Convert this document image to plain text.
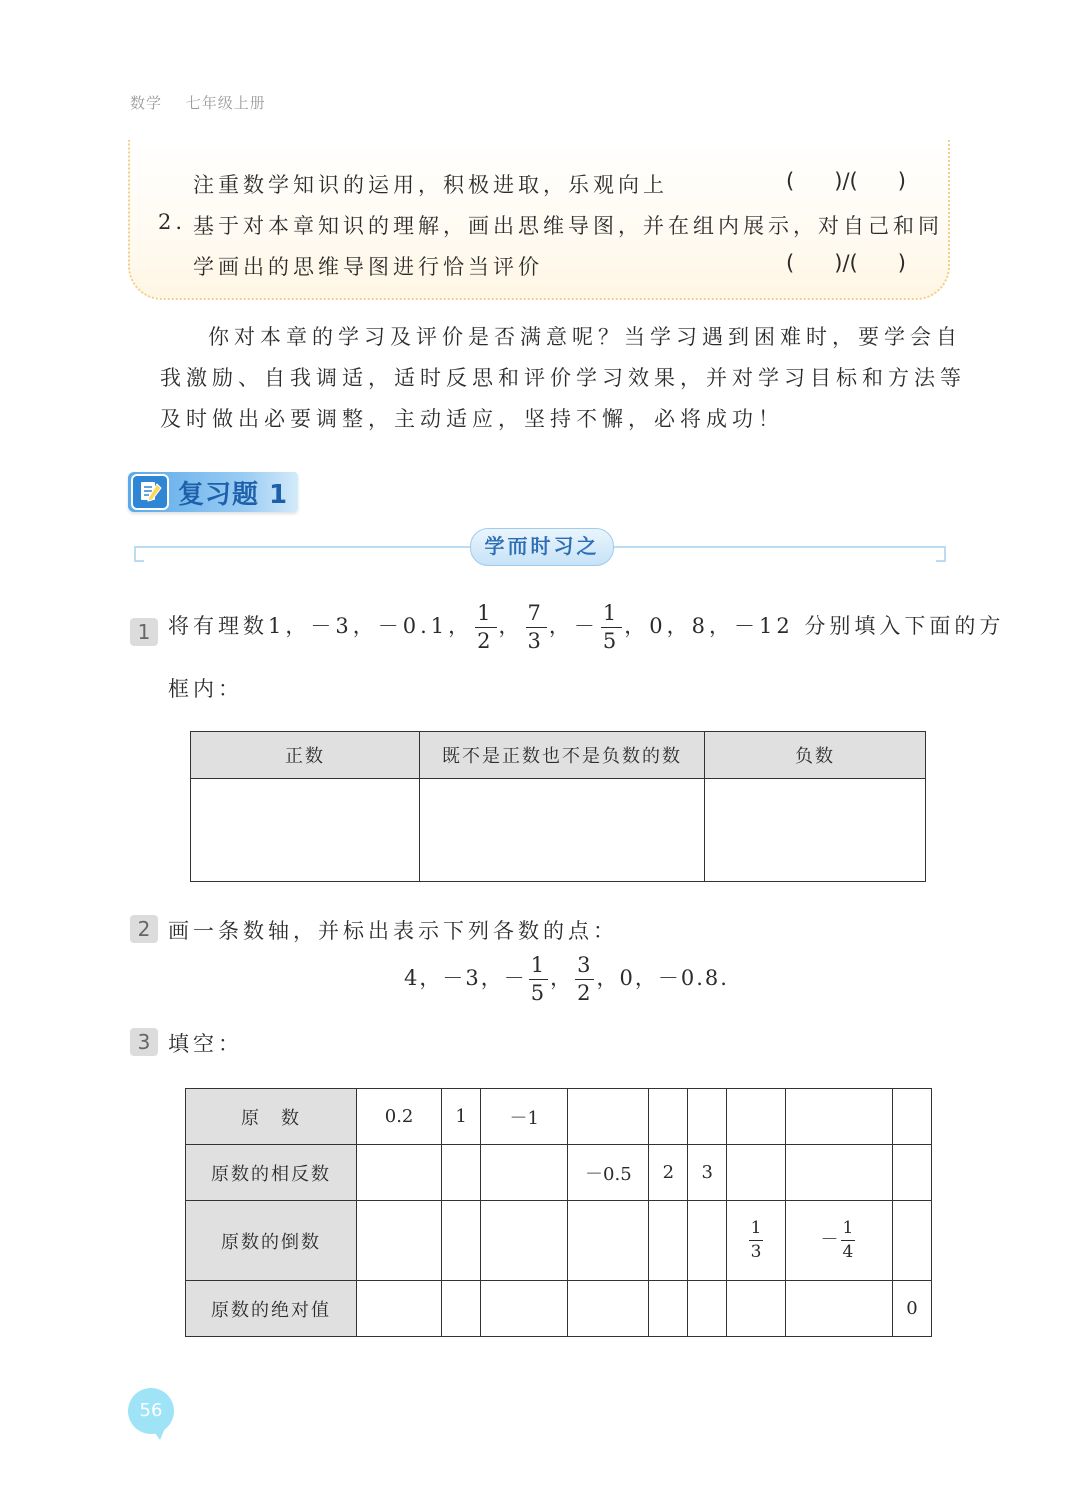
数学 七年级上册
注重数学知识的运用，积极进取，乐观向上	(      )/(      )
2. 基于对本章知识的理解，画出思维导图，并在组内展示，对自己和同
学画出的思维导图进行恰当评价	(      )/(      )
你对本章的学习及评价是否满意呢？当学习遇到困难时，要学会自
我激励、自我调适，适时反思和评价学习效果，并对学习目标和方法等
及时做出必要调整，主动适应，坚持不懈，必将成功！
复习题 1
学而时习之
1 将有理数1，－3，－0.1， $\frac{1}{2}$ ， $\frac{7}{3}$ ，－ $\frac{1}{5}$ ，0，8，－12 分别填入下面的方
框内：
正数	既不是正数也不是负数的数	负数

2 画一条数轴，并标出表示下列各数的点：
4，－3，－ $\frac{1}{5}$ ， $\frac{3}{2}$ ，0，－0.8.
3 填空：
原　数	0.2	1	－1						
原数的相反数				－0.5	2	3			
原数的倒数							$\frac{1}{3}$	－ $\frac{1}{4}$

原数的绝对值									0
56
